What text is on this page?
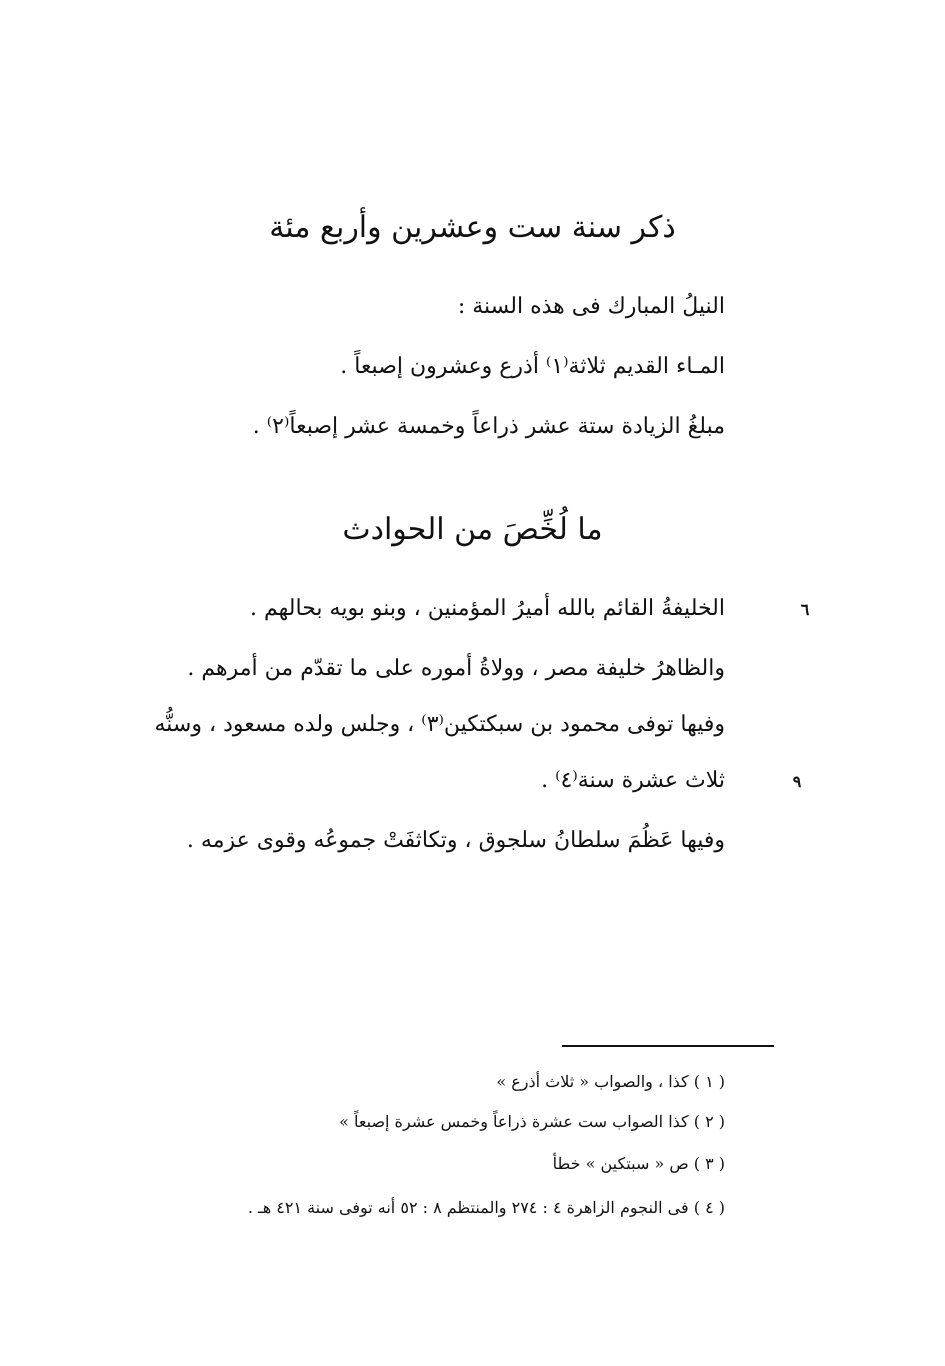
ذكر سنة ست وعشرين وأربع مئة
النيلُ المبارك فى هذه السنة :
المـاء القديم ثلاثة⁽١⁾ أذرع وعشرون إصبعاً .
مبلغُ الزيادة ستة عشر ذراعاً وخمسة عشر إصبعاً⁽٢⁾ .
ما لُخِّصَ من الحوادث
الخليفةُ القائم بالله أميرُ المؤمنين ، وبنو بويه بحالهم .	٦
والظاهرُ خليفة مصر ، وولاةُ أموره على ما تقدّم من أمرهم .
وفيها توفى محمود بن سبكتكين⁽٣⁾ ، وجلس ولده مسعود ، وسنُّه
ثلاث عشرة سنة⁽٤⁾ .	٩
وفيها عَظُمَ سلطانُ سلجوق ، وتكاثفَتْ جموعُه وقوى عزمه .
( ١ ) كذا ، والصواب « ثلاث أذرع »
( ٢ ) كذا الصواب ست عشرة ذراعاً وخمس عشرة إصبعاً »
( ٣ ) ص « سبتكين » خطأ
( ٤ ) فى النجوم الزاهرة ٤ : ٢٧٤ والمنتظم ٨ : ٥٢ أنه توفى سنة ٤٢١ هـ .
